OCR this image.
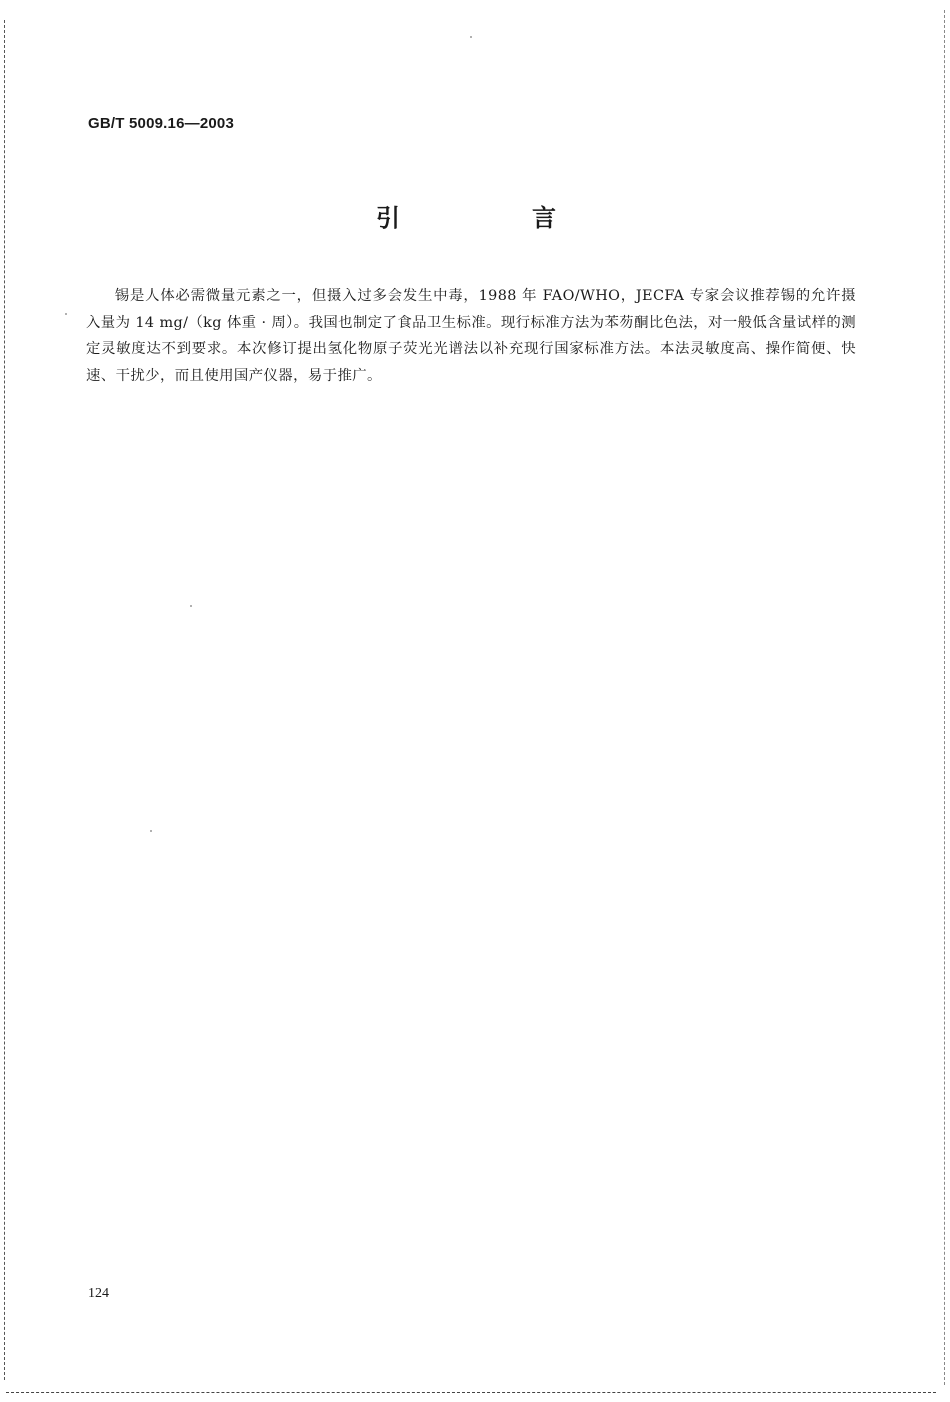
GB/T 5009.16—2003
引　言
锡是人体必需微量元素之一，但摄入过多会发生中毒，1988 年 FAO/WHO，JECFA 专家会议推荐锡的允许摄入量为 14 mg/（kg 体重 · 周）。我国也制定了食品卫生标准。现行标准方法为苯芴酮比色法，对一般低含量试样的测定灵敏度达不到要求。本次修订提出氢化物原子荧光光谱法以补充现行国家标准方法。本法灵敏度高、操作简便、快速、干扰少，而且使用国产仪器，易于推广。
124
